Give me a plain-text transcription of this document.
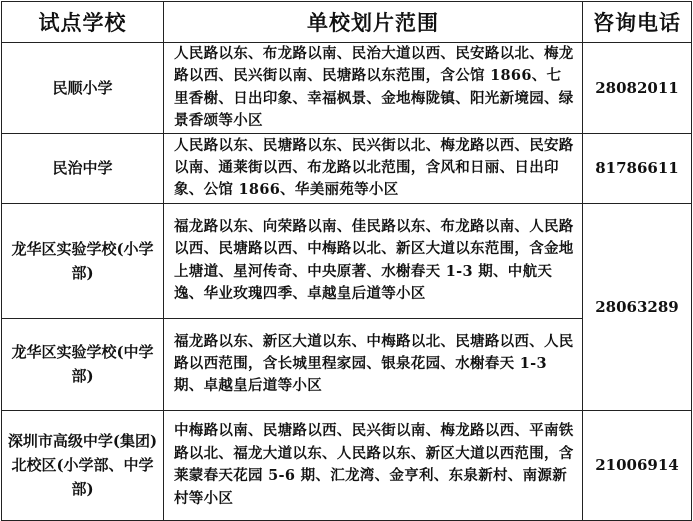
试点学校	单校划片范围	咨询电话
民顺小学	人民路以东、布龙路以南、民治大道以西、民安路以北、梅龙路以西、民兴街以南、民塘路以东范围，含公馆 1866、七里香榭、日出印象、幸福枫景、金地梅陇镇、阳光新境园、绿景香颂等小区	28082011
民治中学	人民路以东、民塘路以东、民兴街以北、梅龙路以西、民安路以南、通莱街以西、布龙路以北范围，含风和日丽、日出印象、公馆 1866、华美丽苑等小区	81786611
龙华区实验学校(小学部)	福龙路以东、向荣路以南、佳民路以东、布龙路以南、人民路以西、民塘路以西、中梅路以北、新区大道以东范围，含金地上塘道、星河传奇、中央原著、水榭春天 1-3 期、中航天逸、华业玫瑰四季、卓越皇后道等小区	28063289
龙华区实验学校(中学部)	福龙路以东、新区大道以东、中梅路以北、民塘路以西、人民路以西范围，含长城里程家园、银泉花园、水榭春天 1-3 期、卓越皇后道等小区	
深圳市高级中学(集团)北校区(小学部、中学部)	中梅路以南、民塘路以西、民兴街以南、梅龙路以西、平南铁路以北、福龙大道以东、人民路以东、新区大道以西范围，含莱蒙春天花园 5-6 期、汇龙湾、金亨利、东泉新村、南源新村等小区	21006914
